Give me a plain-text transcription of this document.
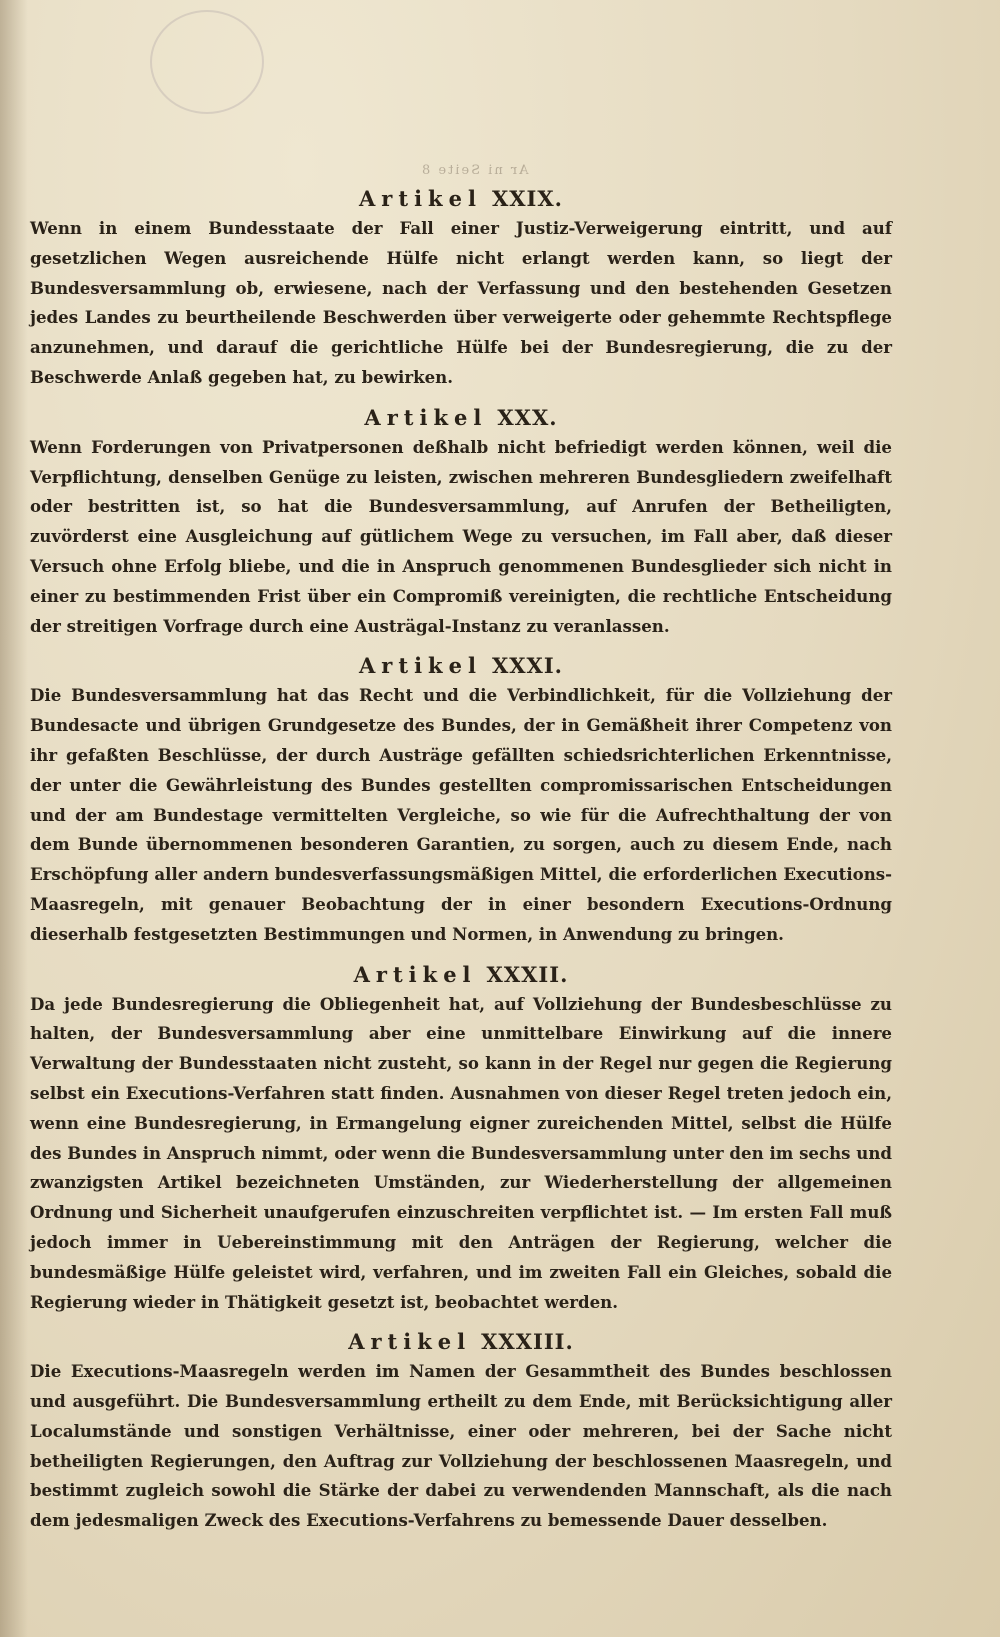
Ar ni Seite 8
Artikel XXIX.

Wenn in einem Bundesstaate der Fall einer Justiz-Verweigerung eintritt, und auf gesetzlichen Wegen ausreichende Hülfe nicht erlangt werden kann, so liegt der Bundesversammlung ob, erwiesene, nach der Verfassung und den bestehenden Gesetzen jedes Landes zu beurtheilende Beschwerden über verweigerte oder gehemmte Rechtspflege anzunehmen, und darauf die gerichtliche Hülfe bei der Bundesregierung, die zu der Beschwerde Anlaß gegeben hat, zu bewirken.

Artikel XXX.

Wenn Forderungen von Privatpersonen deßhalb nicht befriedigt werden können, weil die Verpflichtung, denselben Genüge zu leisten, zwischen mehreren Bundesgliedern zweifelhaft oder bestritten ist, so hat die Bundesversammlung, auf Anrufen der Betheiligten, zuvörderst eine Ausgleichung auf gütlichem Wege zu versuchen, im Fall aber, daß dieser Versuch ohne Erfolg bliebe, und die in Anspruch genommenen Bundesglieder sich nicht in einer zu bestimmenden Frist über ein Compromiß vereinigten, die rechtliche Entscheidung der streitigen Vorfrage durch eine Austrägal-Instanz zu veranlassen.

Artikel XXXI.

Die Bundesversammlung hat das Recht und die Verbindlichkeit, für die Vollziehung der Bundesacte und übrigen Grundgesetze des Bundes, der in Gemäßheit ihrer Competenz von ihr gefaßten Beschlüsse, der durch Austräge gefällten schiedsrichterlichen Erkenntnisse, der unter die Gewährleistung des Bundes gestellten compromissarischen Entscheidungen und der am Bundestage vermittelten Vergleiche, so wie für die Aufrechthaltung der von dem Bunde übernommenen besonderen Garantien, zu sorgen, auch zu diesem Ende, nach Erschöpfung aller andern bundesverfassungsmäßigen Mittel, die erforderlichen Executions-Maasregeln, mit genauer Beobachtung der in einer besondern Executions-Ordnung dieserhalb festgesetzten Bestimmungen und Normen, in Anwendung zu bringen.

Artikel XXXII.

Da jede Bundesregierung die Obliegenheit hat, auf Vollziehung der Bundesbeschlüsse zu halten, der Bundesversammlung aber eine unmittelbare Einwirkung auf die innere Verwaltung der Bundesstaaten nicht zusteht, so kann in der Regel nur gegen die Regierung selbst ein Executions-Verfahren statt finden. Ausnahmen von dieser Regel treten jedoch ein, wenn eine Bundesregierung, in Ermangelung eigner zureichenden Mittel, selbst die Hülfe des Bundes in Anspruch nimmt, oder wenn die Bundesversammlung unter den im sechs und zwanzigsten Artikel bezeichneten Umständen, zur Wiederherstellung der allgemeinen Ordnung und Sicherheit unaufgerufen einzuschreiten verpflichtet ist. — Im ersten Fall muß jedoch immer in Uebereinstimmung mit den Anträgen der Regierung, welcher die bundesmäßige Hülfe geleistet wird, verfahren, und im zweiten Fall ein Gleiches, sobald die Regierung wieder in Thätigkeit gesetzt ist, beobachtet werden.

Artikel XXXIII.

Die Executions-Maasregeln werden im Namen der Gesammtheit des Bundes beschlossen und ausgeführt. Die Bundesversammlung ertheilt zu dem Ende, mit Berücksichtigung aller Localumstände und sonstigen Verhältnisse, einer oder mehreren, bei der Sache nicht betheiligten Regierungen, den Auftrag zur Vollziehung der beschlossenen Maasregeln, und bestimmt zugleich sowohl die Stärke der dabei zu verwendenden Mannschaft, als die nach dem jedesmaligen Zweck des Executions-Verfahrens zu bemessende Dauer desselben.
